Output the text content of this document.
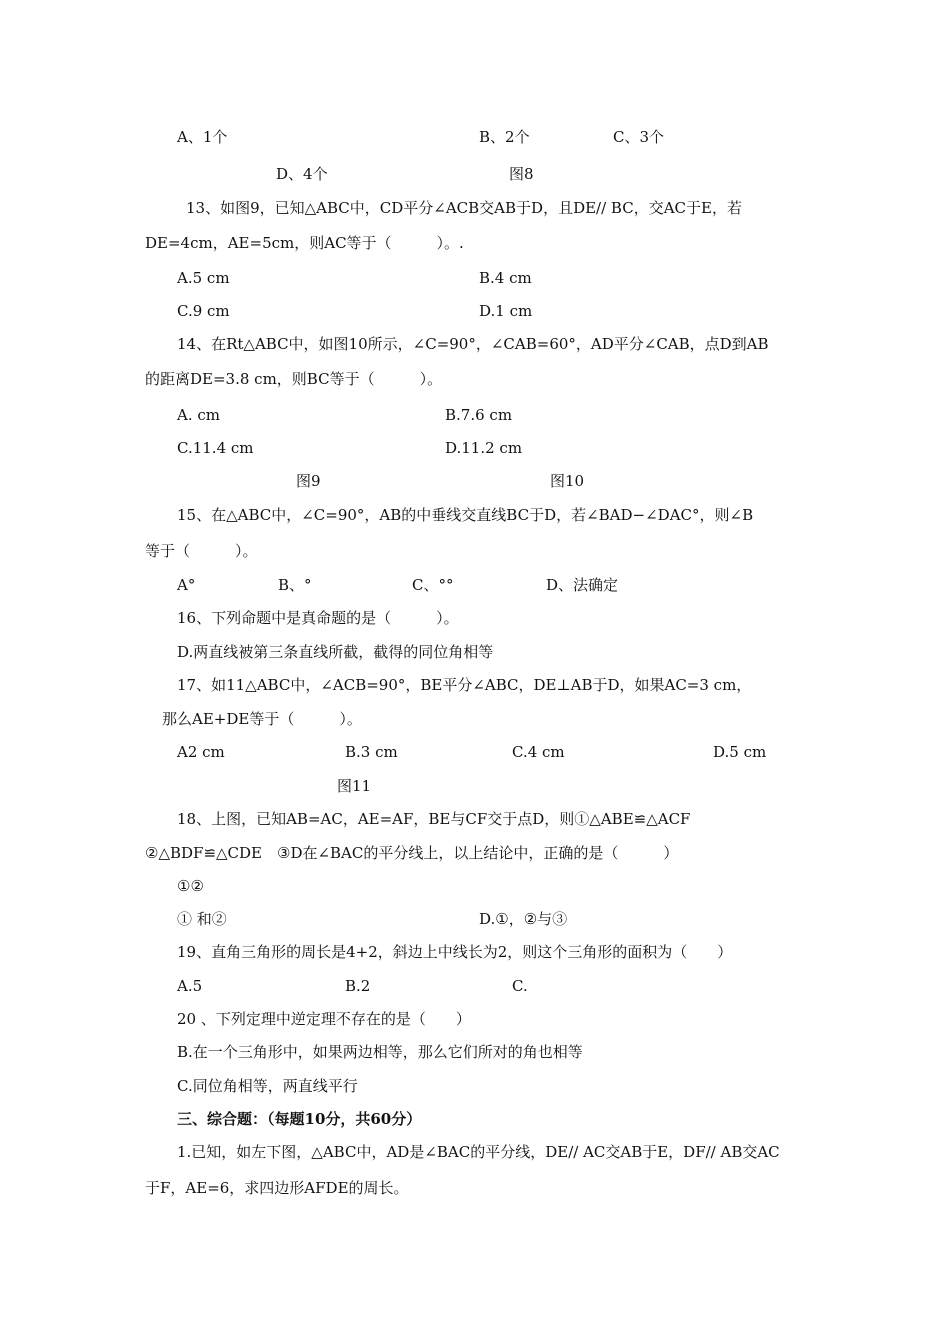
A、1个	B、2个	C、3个
D、4个	图8
13、如图9，已知△ABC中，CD平分∠ACB交AB于D，且DE// BC，交AC于E，若
DE=4cm，AE=5cm，则AC等于（　　　）。.
A.5 cm	B.4 cm
C.9 cm	D.1 cm
14、在Rt△ABC中，如图10所示，∠C=90°，∠CAB=60°，AD平分∠CAB，点D到AB
的距离DE=3.8 cm，则BC等于（　　　）。
A. cm	B.7.6 cm
C.11.4 cm	D.11.2 cm
图9	图10
15、在△ABC中，∠C=90°，AB的中垂线交直线BC于D，若∠BAD−∠DAC°，则∠B
等于（　　　）。
A°	B、°	C、°°	D、法确定
16、下列命题中是真命题的是（　　　）。
D.两直线被第三条直线所截，截得的同位角相等
17、如11△ABC中，∠ACB=90°，BE平分∠ABC，DE⊥AB于D，如果AC=3 cm，
那么AE+DE等于（　　　）。
A2 cm	B.3 cm	C.4 cm	D.5 cm
图11
18、上图，已知AB=AC，AE=AF，BE与CF交于点D，则①△ABE≌△ACF
②△BDF≌△CDE　③D在∠BAC的平分线上，以上结论中，正确的是（　　　）
①②
① 和②	D.①，②与③
19、直角三角形的周长是4+2，斜边上中线长为2，则这个三角形的面积为（　　）
A.5	B.2	C.
20 、下列定理中逆定理不存在的是（　　）
B.在一个三角形中，如果两边相等，那么它们所对的角也相等
C.同位角相等，两直线平行
三、综合题：（每题10分，共60分）
1.已知，如左下图，△ABC中，AD是∠BAC的平分线，DE// AC交AB于E，DF// AB交AC
于F，AE=6，求四边形AFDE的周长。
